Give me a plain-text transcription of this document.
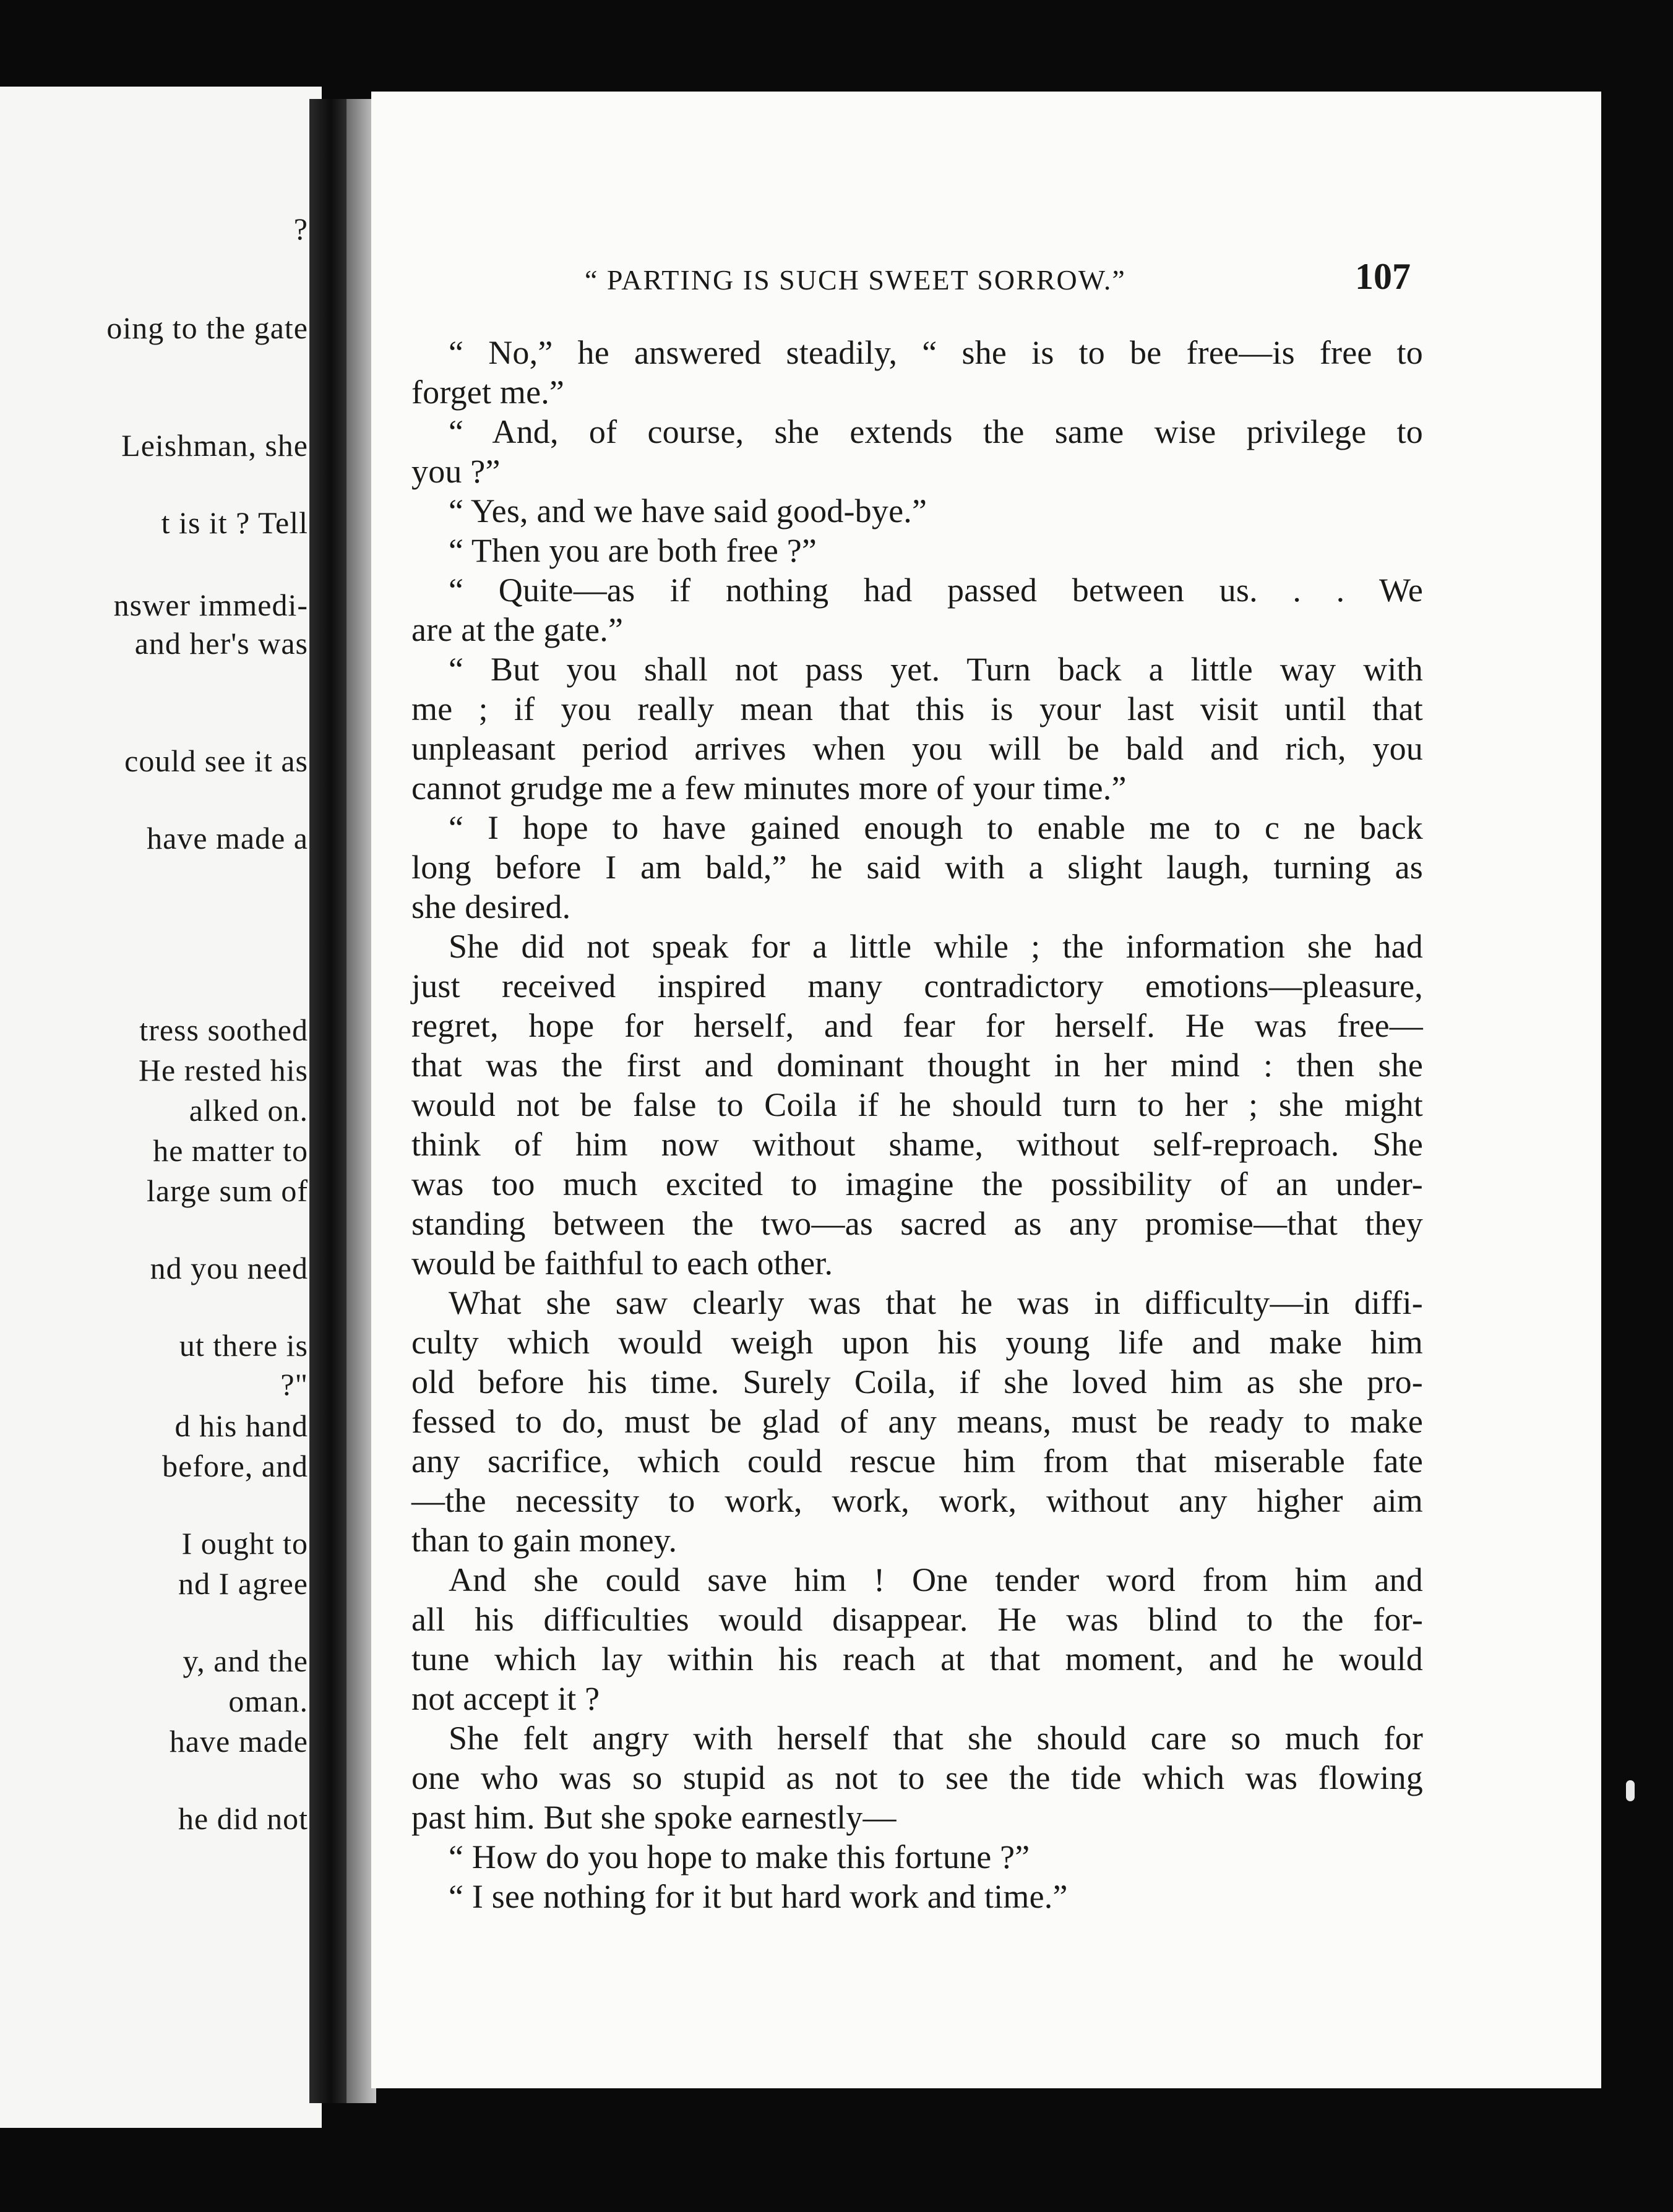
?
oing to the gate
Leishman, she
t is it ? Tell
nswer immedi-
and her's was
could see it as
have made a
tress soothed
He rested his
alked on.
he matter to
large sum of
nd you need
ut there is
?"
d his hand
before, and
I ought to
nd I agree
y, and the
oman.
have made
he did not
“ PARTING IS SUCH SWEET SORROW.”	107
“ No,” he answered steadily, “ she is to be free—is free to
forget me.”
“ And, of course, she extends the same wise privilege to
you ?”
“ Yes, and we have said good-bye.”
“ Then you are both free ?”
“ Quite—as if nothing had passed between us. . . We
are at the gate.”
“ But you shall not pass yet. Turn back a little way with
me ; if you really mean that this is your last visit until that
unpleasant period arrives when you will be bald and rich, you
cannot grudge me a few minutes more of your time.”
“ I hope to have gained enough to enable me to c ne back
long before I am bald,” he said with a slight laugh, turning as
she desired.
She did not speak for a little while ; the information she had
just received inspired many contradictory emotions—pleasure,
regret, hope for herself, and fear for herself. He was free—
that was the first and dominant thought in her mind : then she
would not be false to Coila if he should turn to her ; she might
think of him now without shame, without self-reproach. She
was too much excited to imagine the possibility of an under-
standing between the two—as sacred as any promise—that they
would be faithful to each other.
What she saw clearly was that he was in difficulty—in diffi-
culty which would weigh upon his young life and make him
old before his time. Surely Coila, if she loved him as she pro-
fessed to do, must be glad of any means, must be ready to make
any sacrifice, which could rescue him from that miserable fate
—the necessity to work, work, work, without any higher aim
than to gain money.
And she could save him ! One tender word from him and
all his difficulties would disappear. He was blind to the for-
tune which lay within his reach at that moment, and he would
not accept it ?
She felt angry with herself that she should care so much for
one who was so stupid as not to see the tide which was flowing
past him. But she spoke earnestly—
“ How do you hope to make this fortune ?”
“ I see nothing for it but hard work and time.”
